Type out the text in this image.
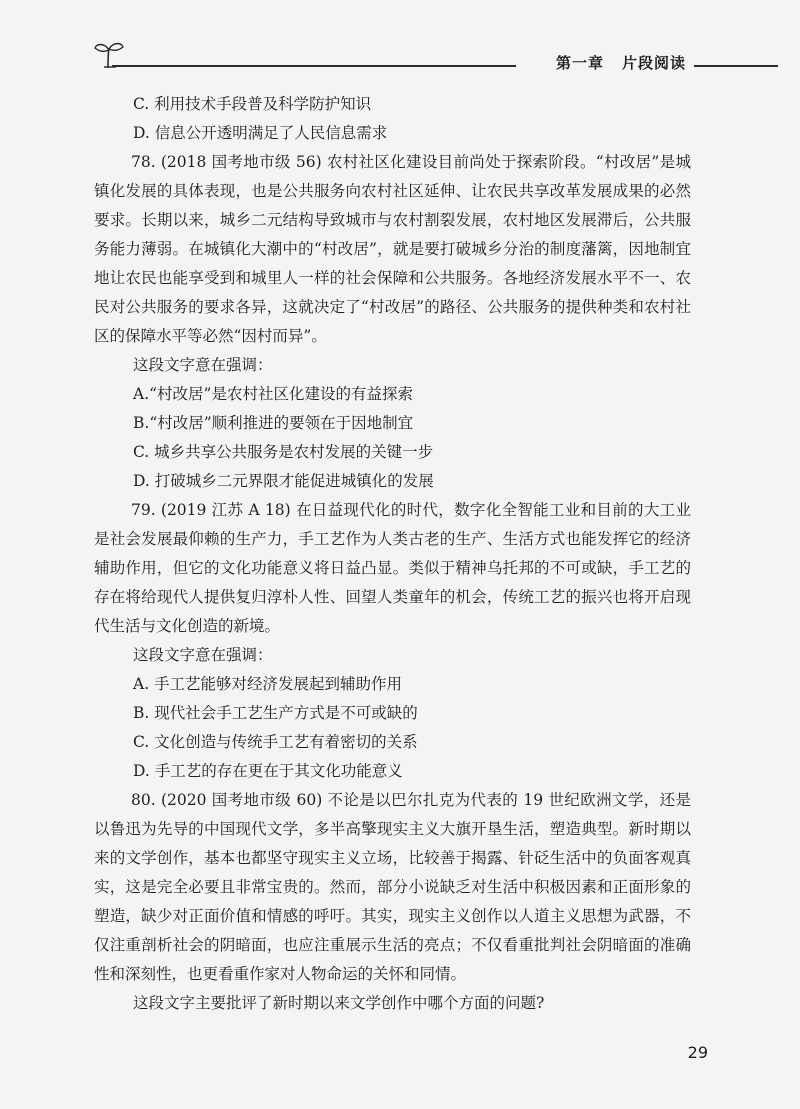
第一章 片段阅读

C. 利用技术手段普及科学防护知识

D. 信息公开透明满足了人民信息需求

78. (2018 国考地市级 56) 农村社区化建设目前尚处于探索阶段。“村改居”是城镇化发展的具体表现，也是公共服务向农村社区延伸、让农民共享改革发展成果的必然要求。长期以来，城乡二元结构导致城市与农村割裂发展，农村地区发展滞后，公共服务能力薄弱。在城镇化大潮中的“村改居”，就是要打破城乡分治的制度藩篱，因地制宜地让农民也能享受到和城里人一样的社会保障和公共服务。各地经济发展水平不一、农民对公共服务的要求各异，这就决定了“村改居”的路径、公共服务的提供种类和农村社区的保障水平等必然“因村而异”。

这段文字意在强调：

A.“村改居”是农村社区化建设的有益探索

B.“村改居”顺利推进的要领在于因地制宜

C. 城乡共享公共服务是农村发展的关键一步

D. 打破城乡二元界限才能促进城镇化的发展

79. (2019 江苏 A 18) 在日益现代化的时代，数字化全智能工业和目前的大工业是社会发展最仰赖的生产力，手工艺作为人类古老的生产、生活方式也能发挥它的经济辅助作用，但它的文化功能意义将日益凸显。类似于精神乌托邦的不可或缺，手工艺的存在将给现代人提供复归淳朴人性、回望人类童年的机会，传统工艺的振兴也将开启现代生活与文化创造的新境。

这段文字意在强调：

A. 手工艺能够对经济发展起到辅助作用

B. 现代社会手工艺生产方式是不可或缺的

C. 文化创造与传统手工艺有着密切的关系

D. 手工艺的存在更在于其文化功能意义

80. (2020 国考地市级 60) 不论是以巴尔扎克为代表的 19 世纪欧洲文学，还是以鲁迅为先导的中国现代文学，多半高擎现实主义大旗开垦生活，塑造典型。新时期以来的文学创作，基本也都坚守现实主义立场，比较善于揭露、针砭生活中的负面客观真实，这是完全必要且非常宝贵的。然而，部分小说缺乏对生活中积极因素和正面形象的塑造，缺少对正面价值和情感的呼吁。其实，现实主义创作以人道主义思想为武器，不仅注重剖析社会的阴暗面，也应注重展示生活的亮点；不仅看重批判社会阴暗面的准确性和深刻性，也更看重作家对人物命运的关怀和同情。

这段文字主要批评了新时期以来文学创作中哪个方面的问题?

29
